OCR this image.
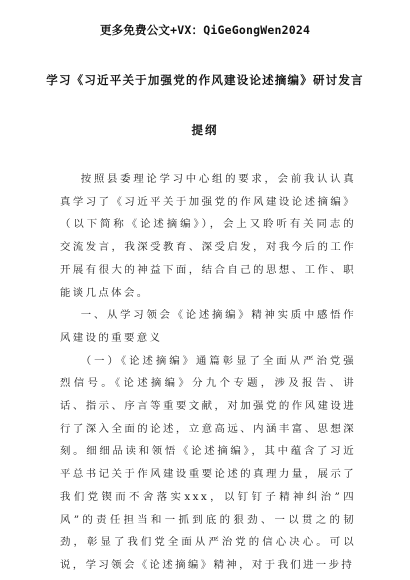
更多免费公文+VX：QiGeGongWen2024
学习《习近平关于加强党的作风建设论述摘编》研讨发言
提纲

按照县委理论学习中心组的要求，会前我认认真真学习了《习近平关于加强党的作风建设论述摘编》（以下简称《论述摘编》），会上又聆听有关同志的交流发言，我深受教育、深受启发，对我今后的工作开展有很大的神益下面，结合自己的思想、工作、职能谈几点体会。

一、从学习领会《论述摘编》精神实质中感悟作风建设的重要意义

（一）《论述摘编》通篇彰显了全面从严治党强烈信号。《论述摘编》分九个专题，涉及报告、讲话、指示、序言等重要文献，对加强党的作风建设进行了深入全面的论述，立意高远、内涵丰富、思想深刻。细细品读和领悟《论述摘编》，其中蕴含了习近平总书记关于作风建设重要论述的真理力量，展示了我们党锲而不舍落实xxx，以钉钉子精神纠治”四风”的责任担当和一抓到底的狠劲、一以贯之的韧劲，彰显了我们党全面从严治党的信心决心。可以说，学习领会《论述摘编》精神，对于我们进一步持
